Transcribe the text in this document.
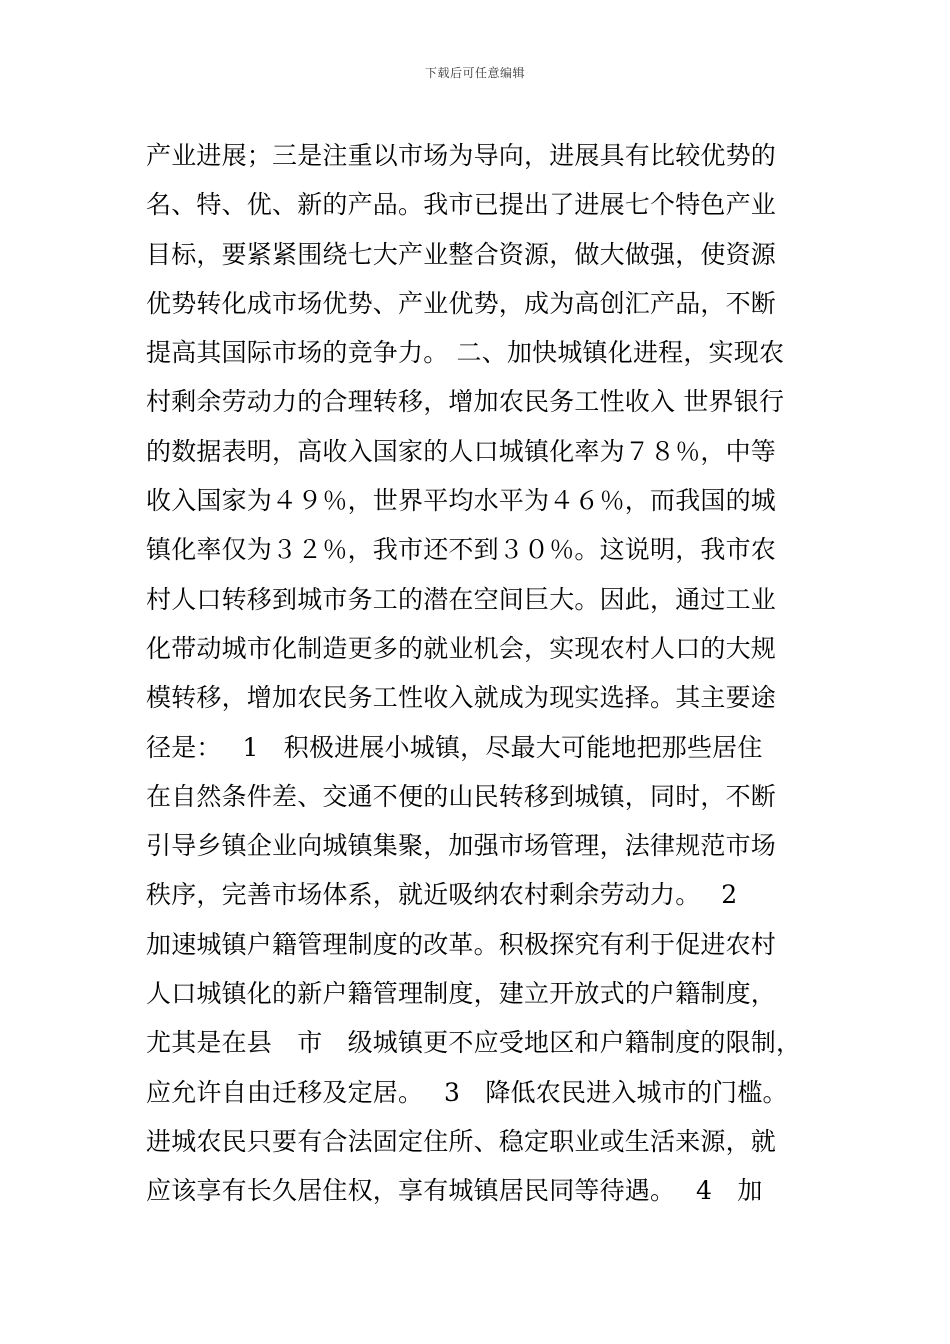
下载后可任意编辑
产业进展；三是注重以市场为导向，进展具有比较优势的
名、特、优、新的产品。我市已提出了进展七个特色产业
目标，要紧紧围绕七大产业整合资源，做大做强，使资源
优势转化成市场优势、产业优势，成为高创汇产品，不断
提高其国际市场的竞争力。 二、加快城镇化进程，实现农
村剩余劳动力的合理转移，增加农民务工性收入 世界银行
的数据表明，高收入国家的人口城镇化率为７８％，中等
收入国家为４９％，世界平均水平为４６％，而我国的城
镇化率仅为３２％，我市还不到３０％。这说明，我市农
村人口转移到城市务工的潜在空间巨大。因此，通过工业
化带动城市化制造更多的就业机会，实现农村人口的大规
模转移，增加农民务工性收入就成为现实选择。其主要途
径是：　 1　积极进展小城镇，尽最大可能地把那些居住
在自然条件差、交通不便的山民转移到城镇，同时，不断
引导乡镇企业向城镇集聚，加强市场管理，法律规范市场
秩序，完善市场体系，就近吸纳农村剩余劳动力。　 2
加速城镇户籍管理制度的改革。积极探究有利于促进农村
人口城镇化的新户籍管理制度，建立开放式的户籍制度，
尤其是在县　市　级城镇更不应受地区和户籍制度的限制，
应允许自由迁移及定居。　 3　降低农民进入城市的门槛。
进城农民只要有合法固定住所、稳定职业或生活来源，就
应该享有长久居住权，享有城镇居民同等待遇。　 4　加
